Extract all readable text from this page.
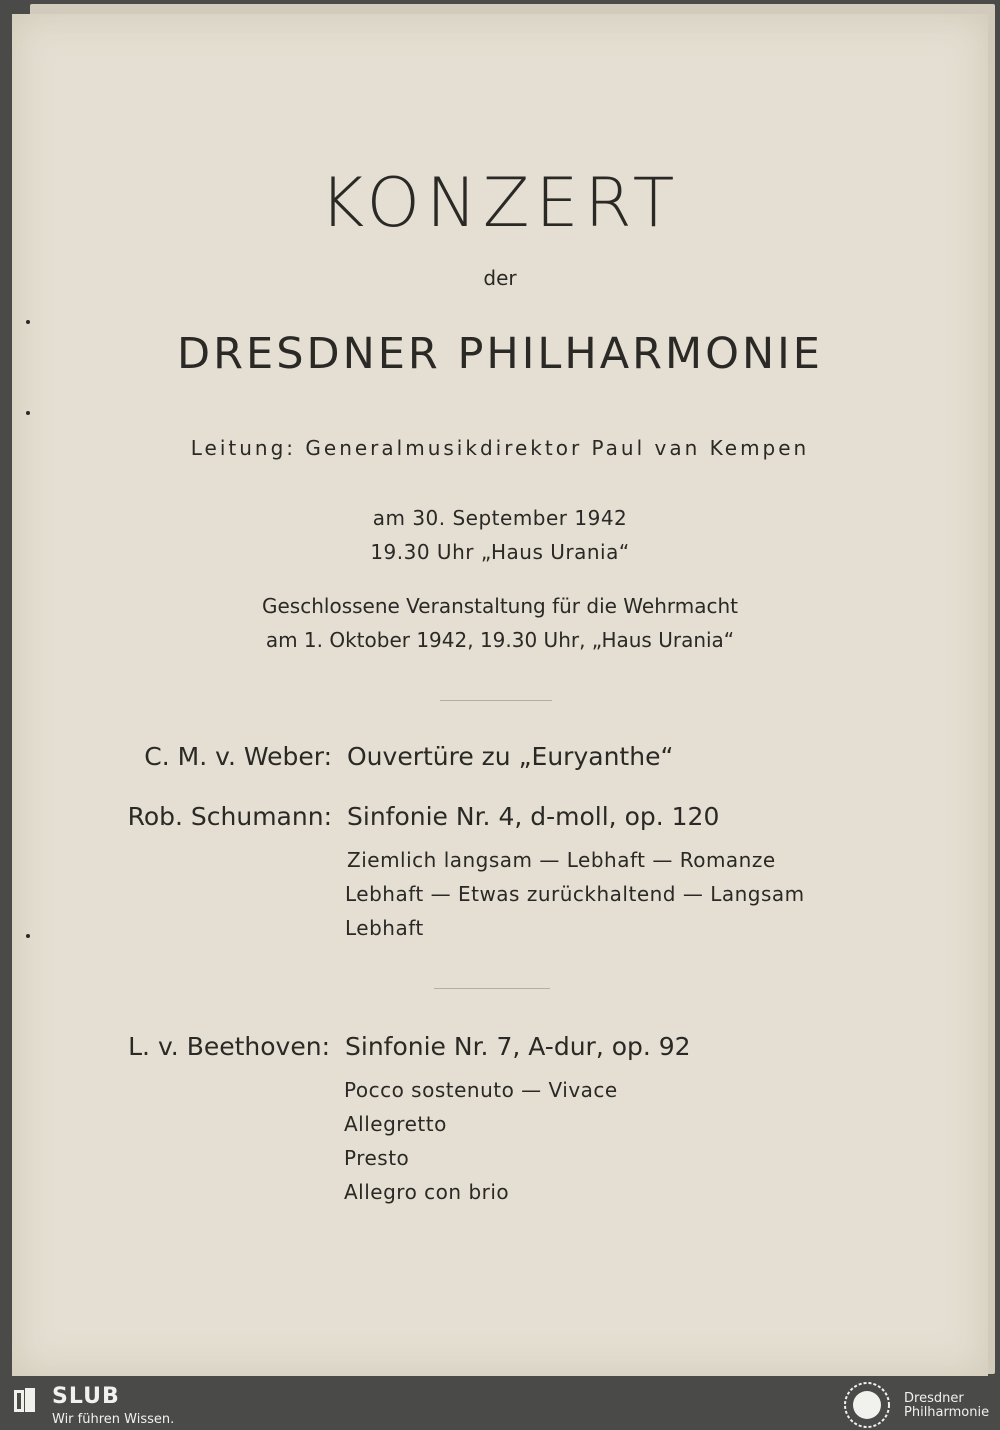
KONZERT
der
DRESDNER PHILHARMONIE
Leitung: Generalmusikdirektor Paul van Kempen
am 30. September 1942
19.30 Uhr „Haus Urania“
Geschlossene Veranstaltung für die Wehrmacht
am 1. Oktober 1942, 19.30 Uhr, „Haus Urania“
C. M. v. Weber: Ouvertüre zu „Euryanthe“
Rob. Schumann: Sinfonie Nr. 4, d-moll, op. 120
Ziemlich langsam — Lebhaft — Romanze
Lebhaft — Etwas zurückhaltend — Langsam
Lebhaft
L. v. Beethoven: Sinfonie Nr. 7, A-dur, op. 92
Pocco sostenuto — Vivace
Allegretto
Presto
Allegro con brio
SLUB
Wir führen Wissen.
Dresdner
Philharmonie
